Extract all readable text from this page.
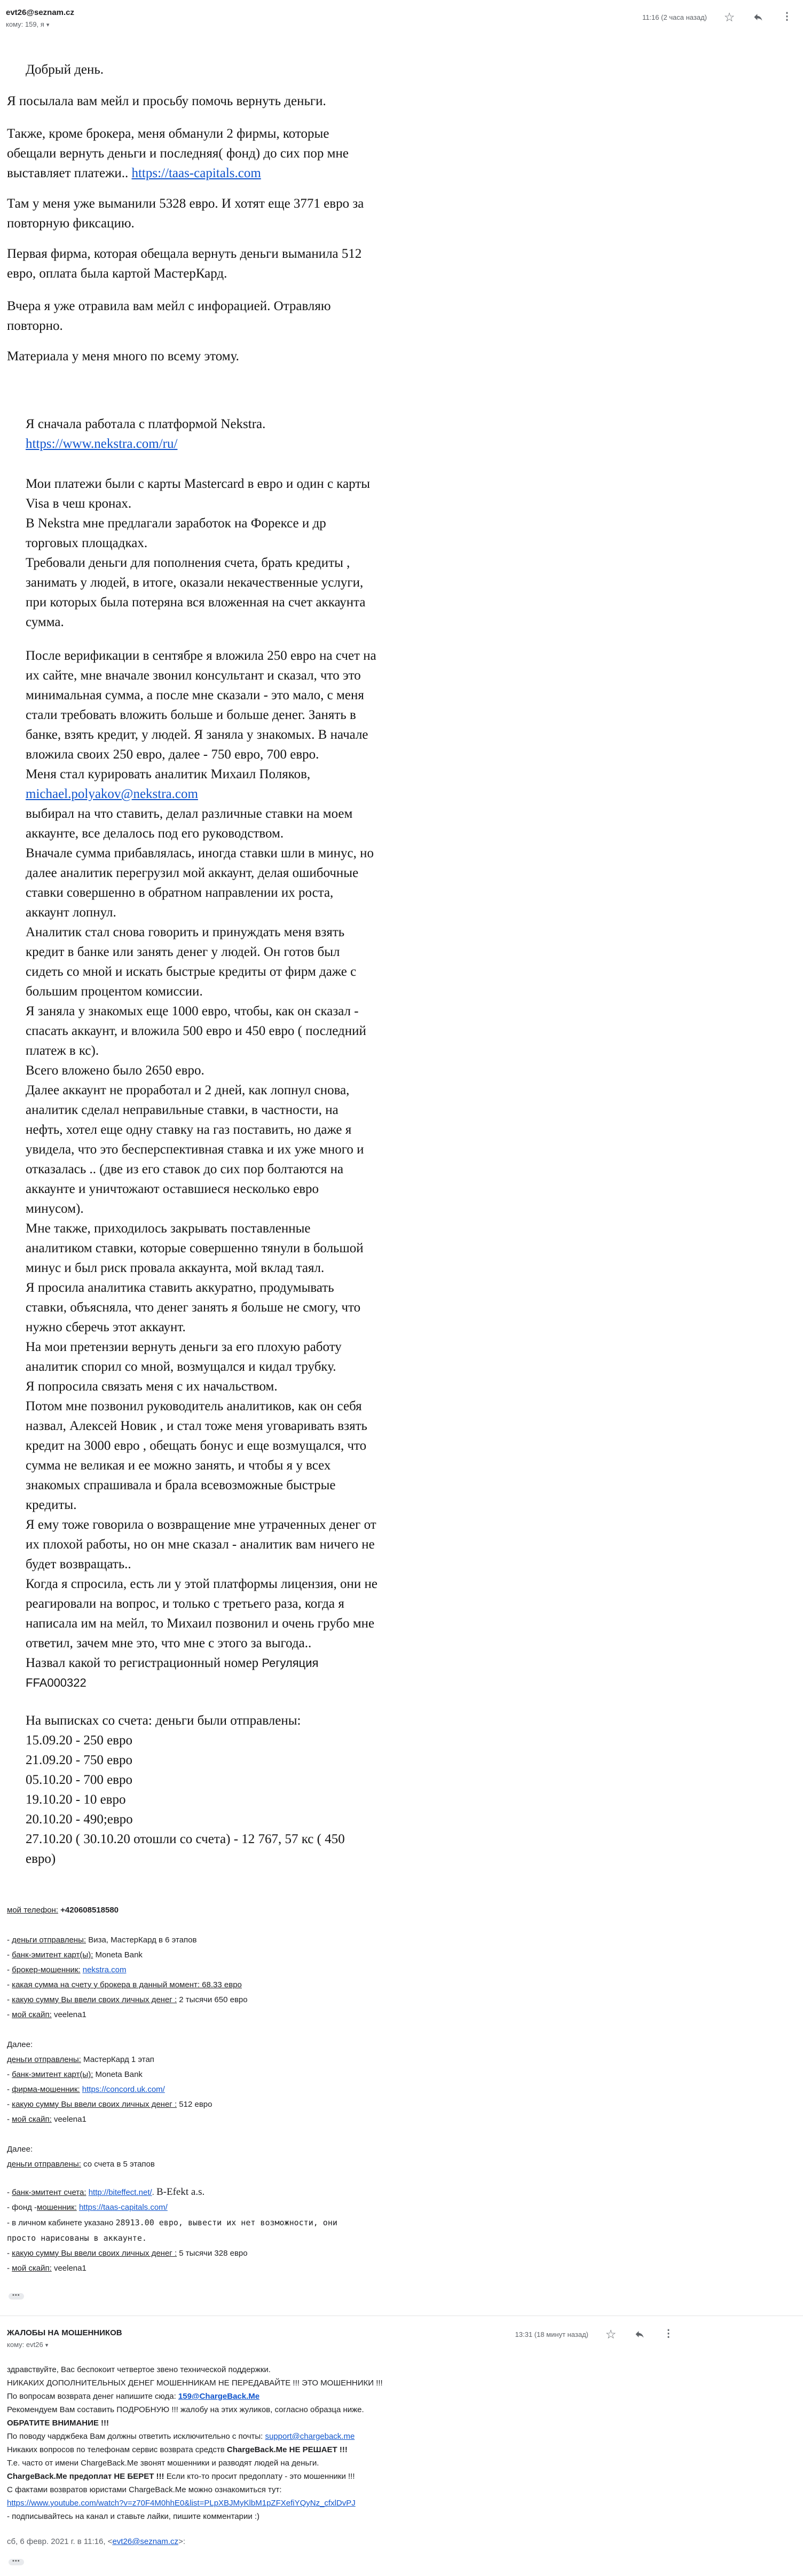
evt26@seznam.cz
кому: 159, я ▾
11:16 (2 часа назад) ☆	⋮
Добрый день.
Я посылала вам мейл и просьбу помочь вернуть деньги.
Также, кроме брокера, меня обманули 2 фирмы, которые обещали вернуть деньги и последняя( фонд) до сих пор мне выставляет платежи.. https://taas-capitals.com
Там у меня уже выманили 5328 евро. И хотят еще 3771 евро за повторную фиксацию.
Первая фирма, которая обещала вернуть деньги выманила 512 евро, оплата была картой МастерКард.
Вчера я уже отравила вам мейл с инфорацией. Отравляю повторно.
Материала у меня много по всему этому.
Я сначала работала с платформой Nekstra.
https://www.nekstra.com/ru/
Мои платежи были с карты Mastercard в евро и один с карты Visa в чеш кронах.
В Nekstra мне предлагали заработок на Форексе и др торговых площадках.
Требовали деньги для пополнения счета, брать кредиты , занимать у людей, в итоге, оказали некачественные услуги, при которых была потеряна вся вложенная на счет аккаунта сумма.
После верификации в сентябре я вложила 250 евро на счет на их сайте, мне вначале звонил консультант и сказал, что это минимальная сумма, а после мне сказали - это мало, с меня стали требовать вложить больше и больше денег. Занять в банке, взять кредит, у людей. Я заняла у знакомых. В начале вложила своих 250 евро, далее - 750 евро, 700 евро.
Меня стал курировать аналитик Михаил Поляков, michael.polyakov@nekstra.com
выбирал на что ставить, делал различные ставки на моем аккаунте, все делалось под его руководством.
Вначале сумма прибавлялась, иногда ставки шли в минус, но далее аналитик перегрузил мой аккаунт, делая ошибочные ставки совершенно в обратном направлении их роста, аккаунт лопнул.
Аналитик стал снова говорить и принуждать меня взять кредит в банке или занять денег у людей. Он готов был сидеть со мной и искать быстрые кредиты от фирм даже с большим процентом комиссии.
Я заняла у знакомых еще 1000 евро, чтобы, как он сказал - спасать аккаунт, и вложила 500 евро и 450 евро ( последний платеж в кс).
Всего вложено было 2650 евро.
Далее аккаунт не проработал и 2 дней, как лопнул снова, аналитик сделал неправильные ставки, в частности, на нефть, хотел еще одну ставку на газ поставить, но даже я увидела, что это бесперспективная ставка и их уже много и отказалась .. (две из его ставок до сих пор болтаются на аккаунте и уничтожают оставшиеся несколько евро минусом).
Мне также, приходилось закрывать поставленные аналитиком ставки, которые совершенно тянули в большой минус и был риск провала аккаунта, мой вклад таял.
Я просила аналитика ставить аккуратно, продумывать ставки, объясняла, что денег занять я больше не смогу, что нужно сберечь этот аккаунт.
На мои претензии вернуть деньги за его плохую работу аналитик спорил со мной, возмущался и кидал трубку.
Я попросила связать меня с их начальством.
Потом мне позвонил руководитель аналитиков, как он себя назвал, Алексей Новик , и стал тоже меня уговаривать взять кредит на 3000 евро , обещать бонус и еще возмущался, что сумма не великая и ее можно занять, и чтобы я у всех знакомых спрашивала и брала всевозможные быстрые кредиты.
Я ему тоже говорила о возвращение мне утраченных денег от их плохой работы, но он мне сказал - аналитик вам ничего не будет возвращать..
Когда я спросила, есть ли у этой платформы лицензия, они не реагировали на вопрос, и только с третьего раза, когда я написала им на мейл, то Михаил позвонил и очень грубо мне ответил, зачем мне это, что мне с этого за выгода..
Назвал какой то регистрационный номер Регуляция FFA000322
На выписках со счета: деньги были отправлены:
15.09.20 - 250 евро
21.09.20 - 750 евро
05.10.20 - 700 евро
19.10.20 - 10 евро
20.10.20 - 490;евро
27.10.20 ( 30.10.20 отошли со счета) - 12 767, 57 кс ( 450 евро)
мой телефон: +420608518580
- деньги отправлены: Виза, МастерКард в 6 этапов
- банк-эмитент карт(ы): Moneta Bank
- брокер-мошенник: nekstra.com
- какая сумма на счету у брокера в данный момент: 68.33 евро
- какую сумму Вы ввели своих личных денег : 2 тысячи 650 евро
- мой скайп: veelena1
Далее:
деньги отправлены: МастерКард 1 этап
- банк-эмитент карт(ы): Moneta Bank
- фирма-мошенник: https://concord.uk.com/
- какую сумму Вы ввели своих личных денег : 512 евро
- мой скайп: veelena1
Далее:
деньги отправлены: со счета в 5 этапов
- банк-эмитент счета: http://biteffect.net/. B-Efekt a.s.
- фонд -мошенник: https://taas-capitals.com/
- в личном кабинете указано 28913.00 евро, вывести их нет возможности, они просто нарисованы в аккаунте.
- какую сумму Вы ввели своих личных денег : 5 тысячи 328 евро
- мой скайп: veelena1
•••
ЖАЛОБЫ НА МОШЕННИКОВ
кому: evt26 ▾
13:31 (18 минут назад) ☆	⋮
здравствуйте, Вас беспокоит четвертое звено технической поддержки.
НИКАКИХ ДОПОЛНИТЕЛЬНЫХ ДЕНЕГ МОШЕННИКАМ НЕ ПЕРЕДАВАЙТЕ !!! ЭТО МОШЕННИКИ !!!
По вопросам возврата денег напишите сюда: 159@ChargeBack.Me
Рекомендуем Вам составить ПОДРОБНУЮ !!! жалобу на этих жуликов, согласно образца ниже.
ОБРАТИТЕ ВНИМАНИЕ !!!
По поводу чарджбека Вам должны ответить исключительно с почты: support@chargeback.me
Никаких вопросов по телефонам сервис возврата средств ChargeBack.Me НЕ РЕШАЕТ !!!
Т.е. часто от имени ChargeBack.Me звонят мошенники и разводят людей на деньги.
ChargeBack.Me предоплат НЕ БЕРЕТ !!! Если кто-то просит предоплату - это мошенники !!!
С фактами возвратов юристами ChargeBack.Me можно ознакомиться тут:
https://www.youtube.com/watch?v=z70F4M0hhE0&list=PLpXBJMyKlbM1pZFXefiYQyNz_cfxlDvPJ
- подписывайтесь на канал и ставьте лайки, пишите комментарии :)
сб, 6 февр. 2021 г. в 11:16, <evt26@seznam.cz>:
•••
